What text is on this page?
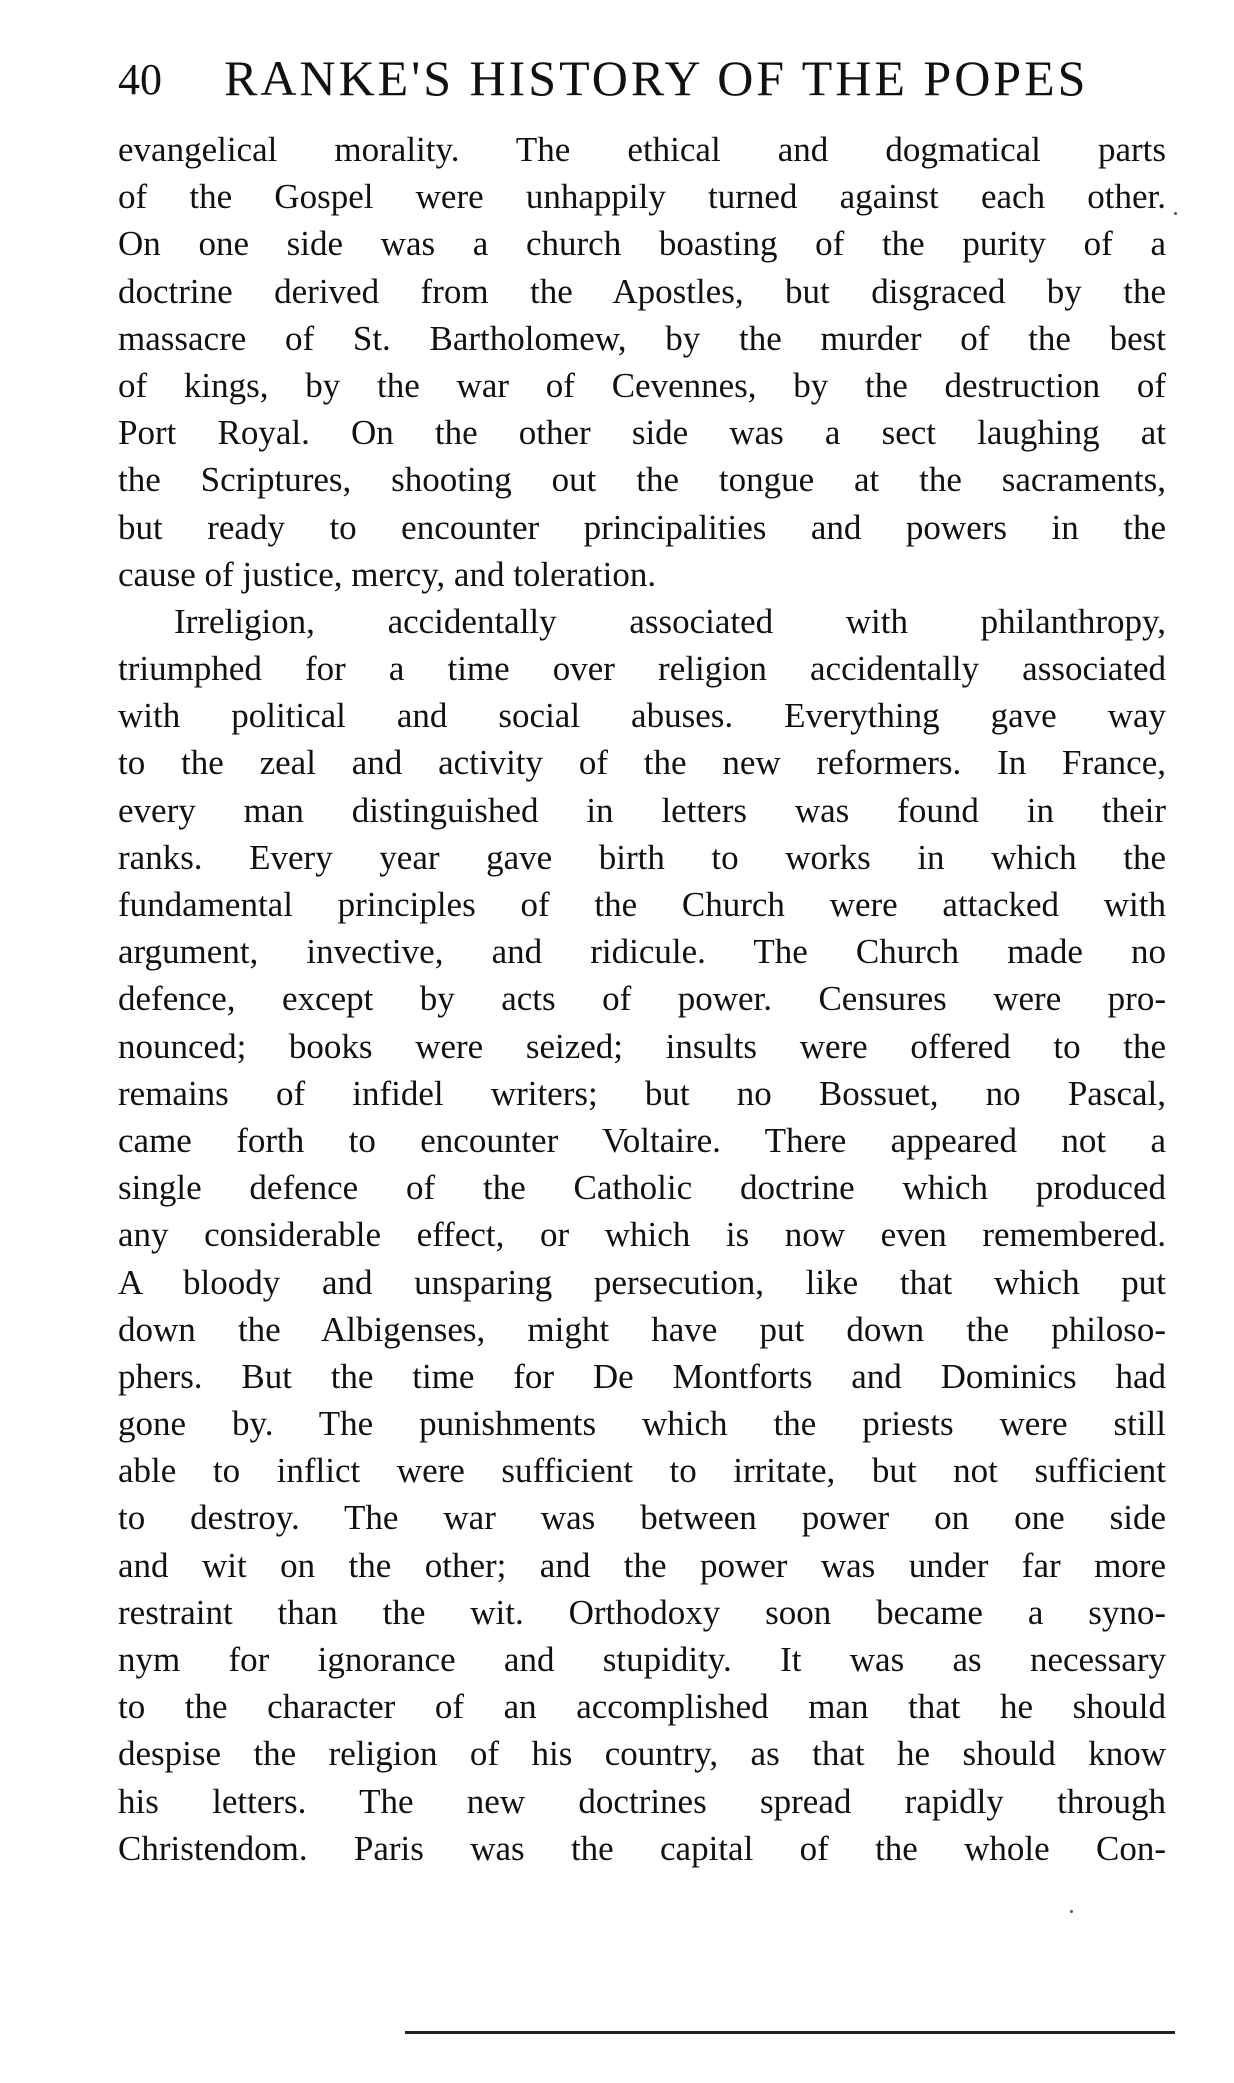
40 RANKE'S HISTORY OF THE POPES
evangelical morality. The ethical and dogmatical parts
of the Gospel were unhappily turned against each other.
On one side was a church boasting of the purity of a
doctrine derived from the Apostles, but disgraced by the
massacre of St. Bartholomew, by the murder of the best
of kings, by the war of Cevennes, by the destruction of
Port Royal. On the other side was a sect laughing at
the Scriptures, shooting out the tongue at the sacraments,
but ready to encounter principalities and powers in the
cause of justice, mercy, and toleration.
Irreligion, accidentally associated with philanthropy,
triumphed for a time over religion accidentally associated
with political and social abuses. Everything gave way
to the zeal and activity of the new reformers. In France,
every man distinguished in letters was found in their
ranks. Every year gave birth to works in which the
fundamental principles of the Church were attacked with
argument, invective, and ridicule. The Church made no
defence, except by acts of power. Censures were pro-
nounced; books were seized; insults were offered to the
remains of infidel writers; but no Bossuet, no Pascal,
came forth to encounter Voltaire. There appeared not a
single defence of the Catholic doctrine which produced
any considerable effect, or which is now even remembered.
A bloody and unsparing persecution, like that which put
down the Albigenses, might have put down the philoso-
phers. But the time for De Montforts and Dominics had
gone by. The punishments which the priests were still
able to inflict were sufficient to irritate, but not sufficient
to destroy. The war was between power on one side
and wit on the other; and the power was under far more
restraint than the wit. Orthodoxy soon became a syno-
nym for ignorance and stupidity. It was as necessary
to the character of an accomplished man that he should
despise the religion of his country, as that he should know
his letters. The new doctrines spread rapidly through
Christendom. Paris was the capital of the whole Con-
